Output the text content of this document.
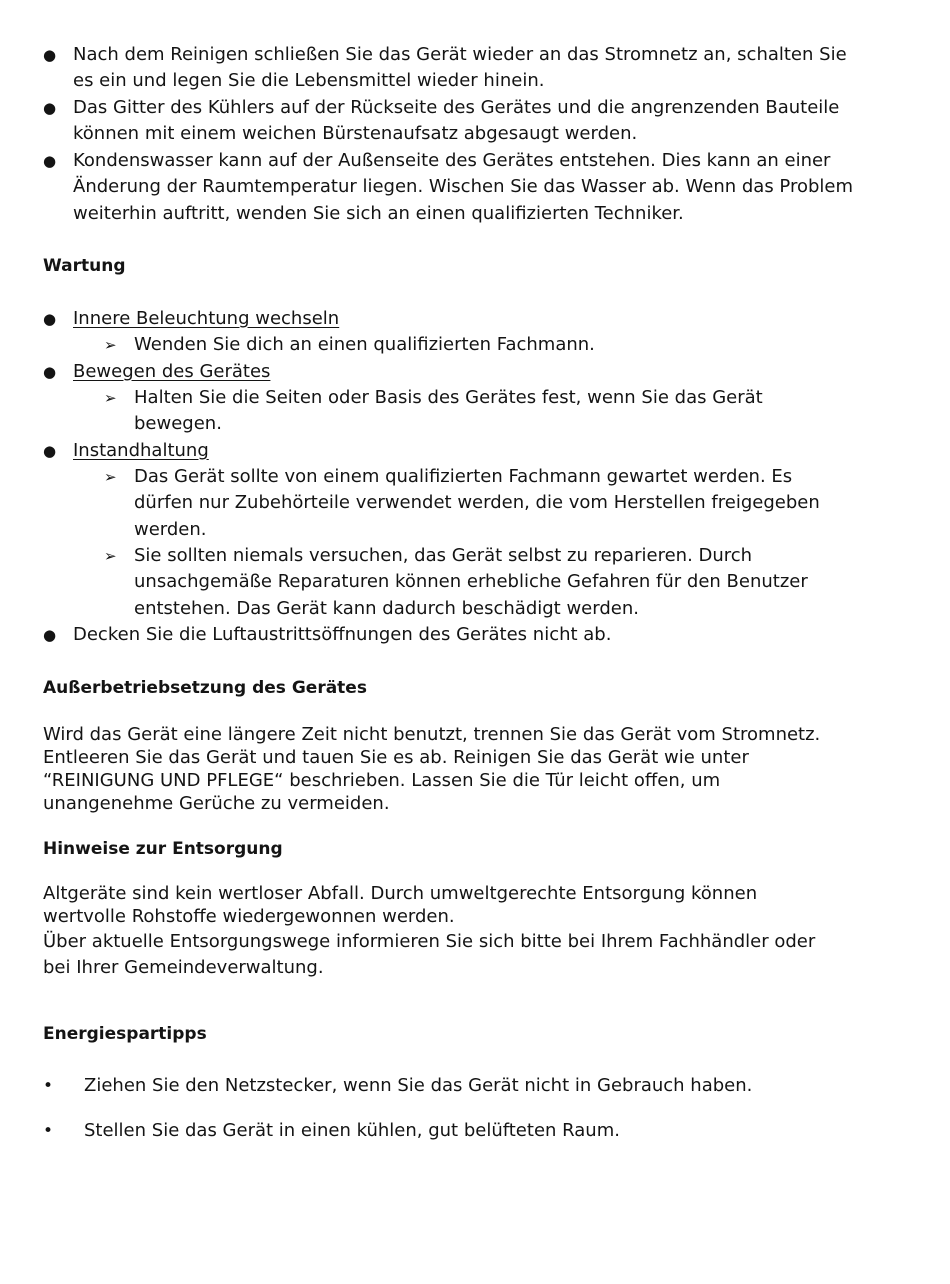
● Nach dem Reinigen schließen Sie das Gerät wieder an das Stromnetz an, schalten Sie es ein und legen Sie die Lebensmittel wieder hinein.
● Das Gitter des Kühlers auf der Rückseite des Gerätes und die angrenzenden Bauteile können mit einem weichen Bürstenaufsatz abgesaugt werden.
● Kondenswasser kann auf der Außenseite des Gerätes entstehen. Dies kann an einer Änderung der Raumtemperatur liegen. Wischen Sie das Wasser ab. Wenn das Problem weiterhin auftritt, wenden Sie sich an einen qualifizierten Techniker.
Wartung
● Innere Beleuchtung wechseln
➢ Wenden Sie dich an einen qualifizierten Fachmann.
● Bewegen des Gerätes
➢ Halten Sie die Seiten oder Basis des Gerätes fest, wenn Sie das Gerät bewegen.
● Instandhaltung
➢ Das Gerät sollte von einem qualifizierten Fachmann gewartet werden. Es dürfen nur Zubehörteile verwendet werden, die vom Herstellen freigegeben werden.
➢ Sie sollten niemals versuchen, das Gerät selbst zu reparieren. Durch unsachgemäße Reparaturen können erhebliche Gefahren für den Benutzer entstehen. Das Gerät kann dadurch beschädigt werden.
● Decken Sie die Luftaustrittsöffnungen des Gerätes nicht ab.
Außerbetriebsetzung des Gerätes
Wird das Gerät eine längere Zeit nicht benutzt, trennen Sie das Gerät vom Stromnetz. Entleeren Sie das Gerät und tauen Sie es ab. Reinigen Sie das Gerät wie unter “REINIGUNG UND PFLEGE“ beschrieben. Lassen Sie die Tür leicht offen, um unangenehme Gerüche zu vermeiden.
Hinweise zur Entsorgung
Altgeräte sind kein wertloser Abfall. Durch umweltgerechte Entsorgung können wertvolle Rohstoffe wiedergewonnen werden.
Über aktuelle Entsorgungswege informieren Sie sich bitte bei Ihrem Fachhändler oder bei Ihrer Gemeindeverwaltung.
Energiespartipps
• Ziehen Sie den Netzstecker, wenn Sie das Gerät nicht in Gebrauch haben.
• Stellen Sie das Gerät in einen kühlen, gut belüfteten Raum.
